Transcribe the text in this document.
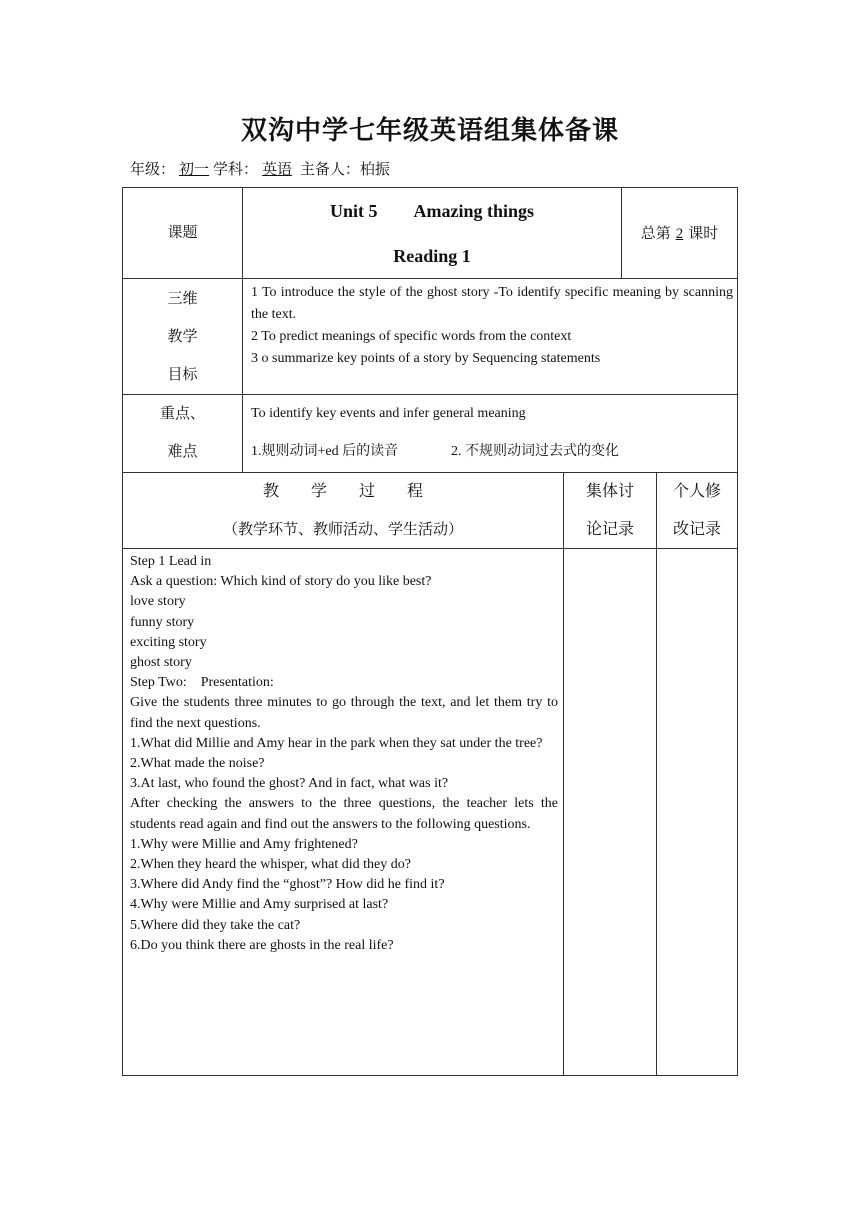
双沟中学七年级英语组集体备课
年级： 初一 学科： 英语 主备人：柏振
课题
Unit 5　　Amazing things
Reading 1
总第 2 课时
三维
教学
目标
1 To introduce the style of the ghost story -To identify specific meaning by scanning the text.
2 To predict meanings of specific words from the context
3 o summarize key points of a story by Sequencing statements
重点、
难点
To identify key events and infer general meaning
1.规则动词+ed 后的读音	2. 不规则动词过去式的变化
教　　学　　过　　程
（教学环节、教师活动、学生活动）
集体讨
论记录
个人修
改记录
Step 1 Lead in
Ask a question: Which kind of story do you like best?
love story
funny story
exciting story
ghost story
Step Two:    Presentation:
Give the students three minutes to go through the text, and let them try to find the next questions.
1.What did Millie and Amy hear in the park when they sat under the tree?
2.What made the noise?
3.At last, who found the ghost? And in fact, what was it?
After checking the answers to the three questions, the teacher lets the students read again and find out the answers to the following questions.
1.Why were Millie and Amy frightened?
2.When they heard the whisper, what did they do?
3.Where did Andy find the “ghost”? How did he find it?
4.Why were Millie and Amy surprised at last?
5.Where did they take the cat?
6.Do you think there are ghosts in the real life?
